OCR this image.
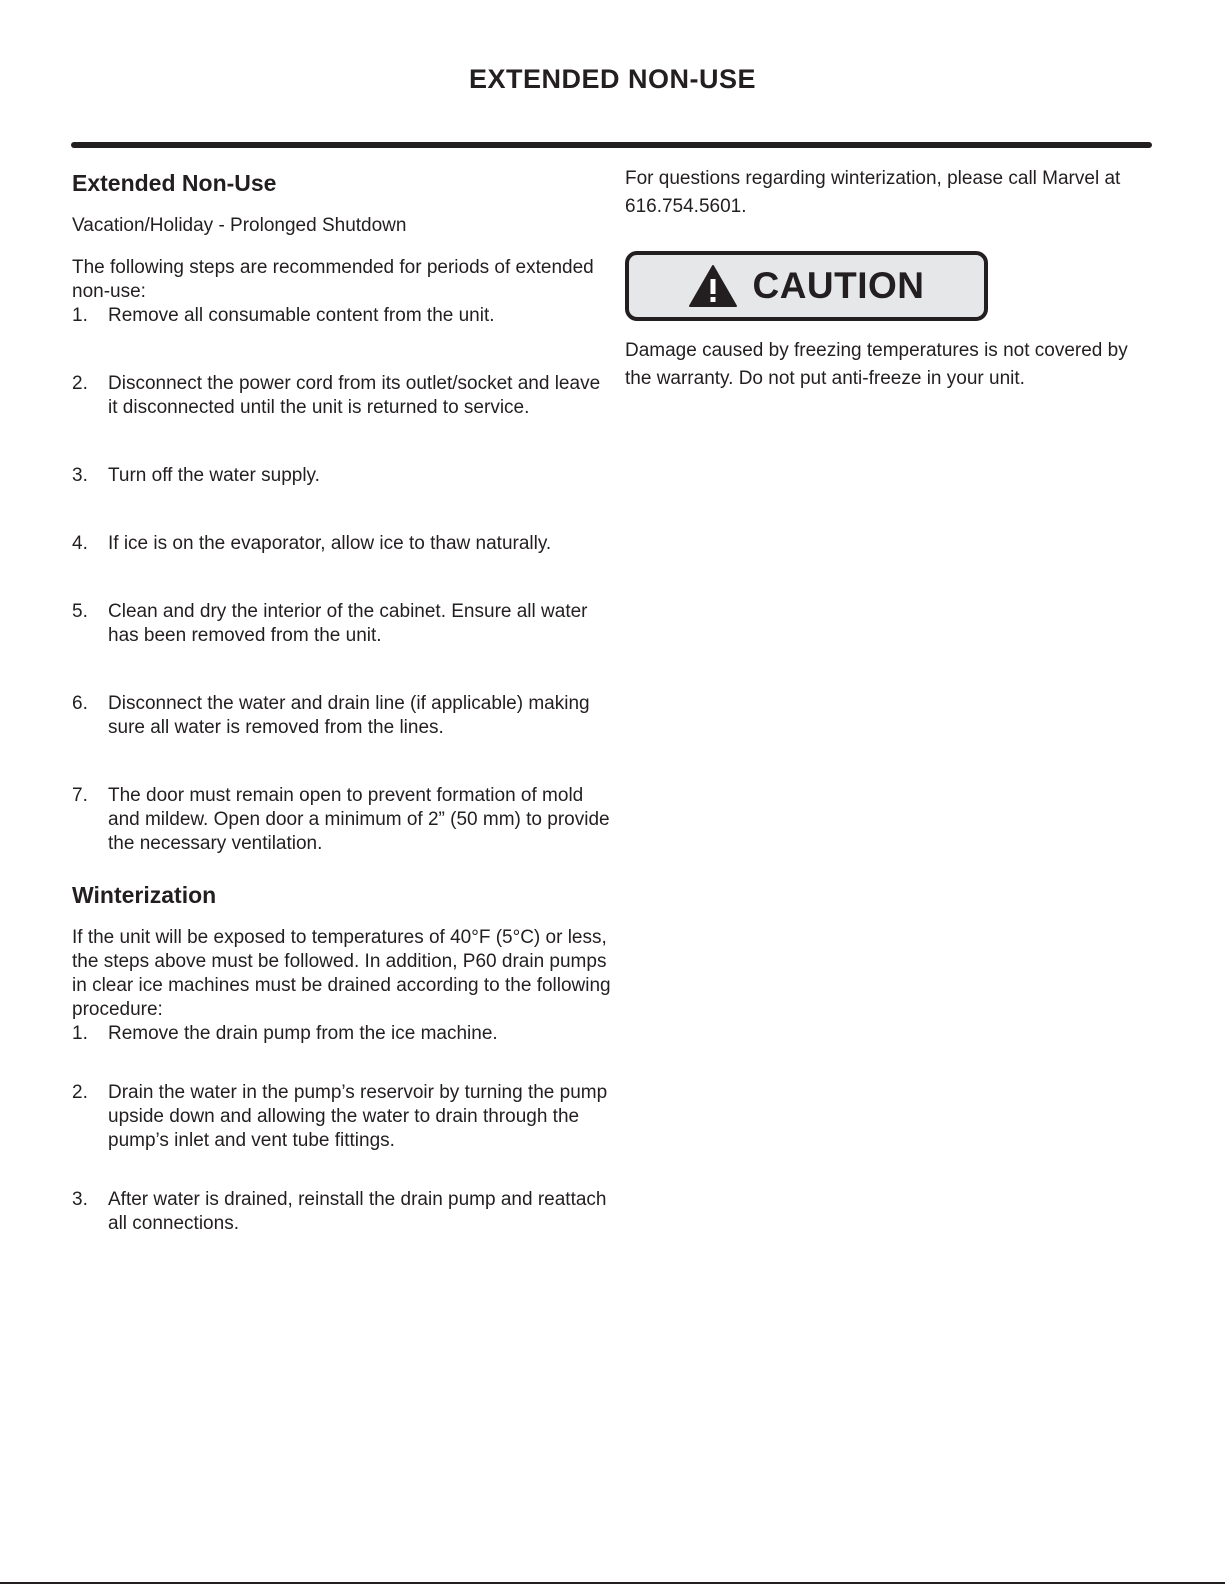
EXTENDED NON-USE
Extended Non-Use

Vacation/Holiday - Prolonged Shutdown

The following steps are recommended for periods of extended non-use:

1. Remove all consumable content from the unit.
2. Disconnect the power cord from its outlet/socket and leave it disconnected until the unit is returned to service.
3. Turn off the water supply.
4. If ice is on the evaporator, allow ice to thaw naturally.
5. Clean and dry the interior of the cabinet. Ensure all water has been removed from the unit.
6. Disconnect the water and drain line (if applicable) making sure all water is removed from the lines.
7. The door must remain open to prevent formation of mold and mildew. Open door a minimum of 2” (50 mm) to provide the necessary ventilation.
Winterization

If the unit will be exposed to temperatures of 40°F (5°C) or less, the steps above must be followed. In addition, P60 drain pumps in clear ice machines must be drained according to the following procedure:

1. Remove the drain pump from the ice machine.
2. Drain the water in the pump’s reservoir by turning the pump upside down and allowing the water to drain through the pump’s inlet and vent tube fittings.
3. After water is drained, reinstall the drain pump and reattach all connections.

For questions regarding winterization, please call Marvel at 616.754.5601.

CAUTION

Damage caused by freezing temperatures is not covered by the warranty. Do not put anti-freeze in your unit.
